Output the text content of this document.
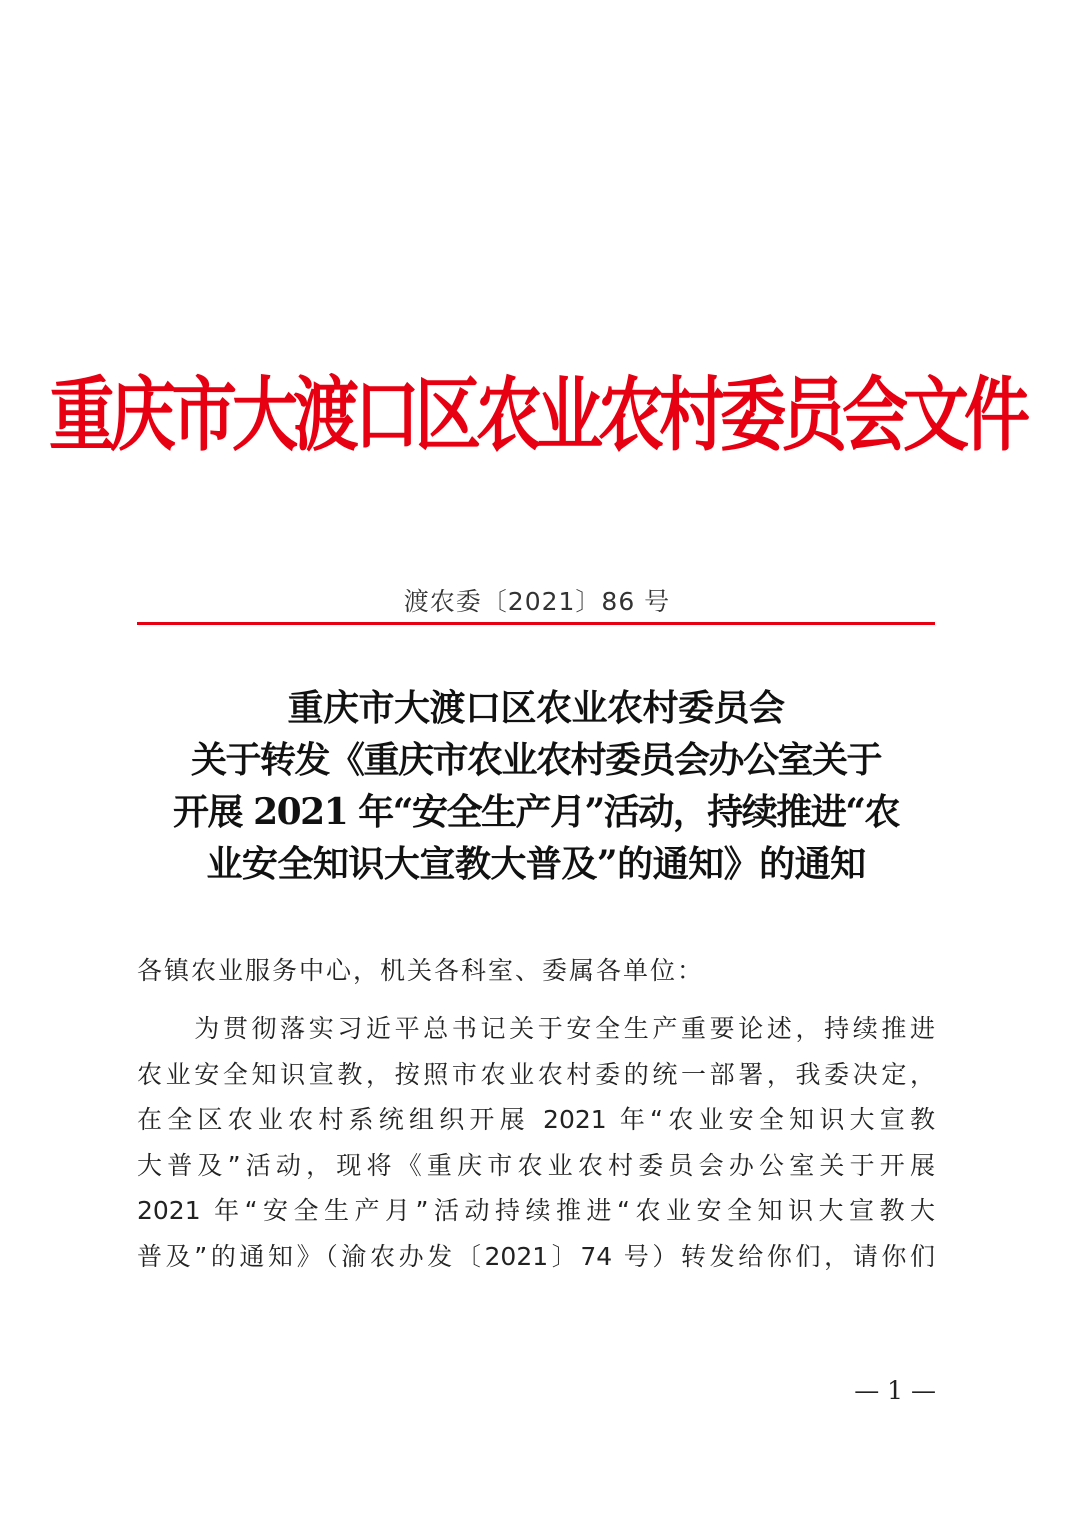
重庆市大渡口区农业农村委员会文件
渡农委〔2021〕86 号
重庆市大渡口区农业农村委员会
关于转发《重庆市农业农村委员会办公室关于
开展 2021 年“安全生产月”活动，持续推进“农
业安全知识大宣教大普及”的通知》的通知
各镇农业服务中心，机关各科室、委属各单位：
　　为贯彻落实习近平总书记关于安全生产重要论述，持续推进
农业安全知识宣教，按照市农业农村委的统一部署，我委决定，
在全区农业农村系统组织开展 2021 年“农业安全知识大宣教
大普及”活动，现将《重庆市农业农村委员会办公室关于开展
2021 年“安全生产月”活动持续推进“农业安全知识大宣教大
普及”的通知》（渝农办发〔2021〕74 号）转发给你们，请你们
— 1 —
